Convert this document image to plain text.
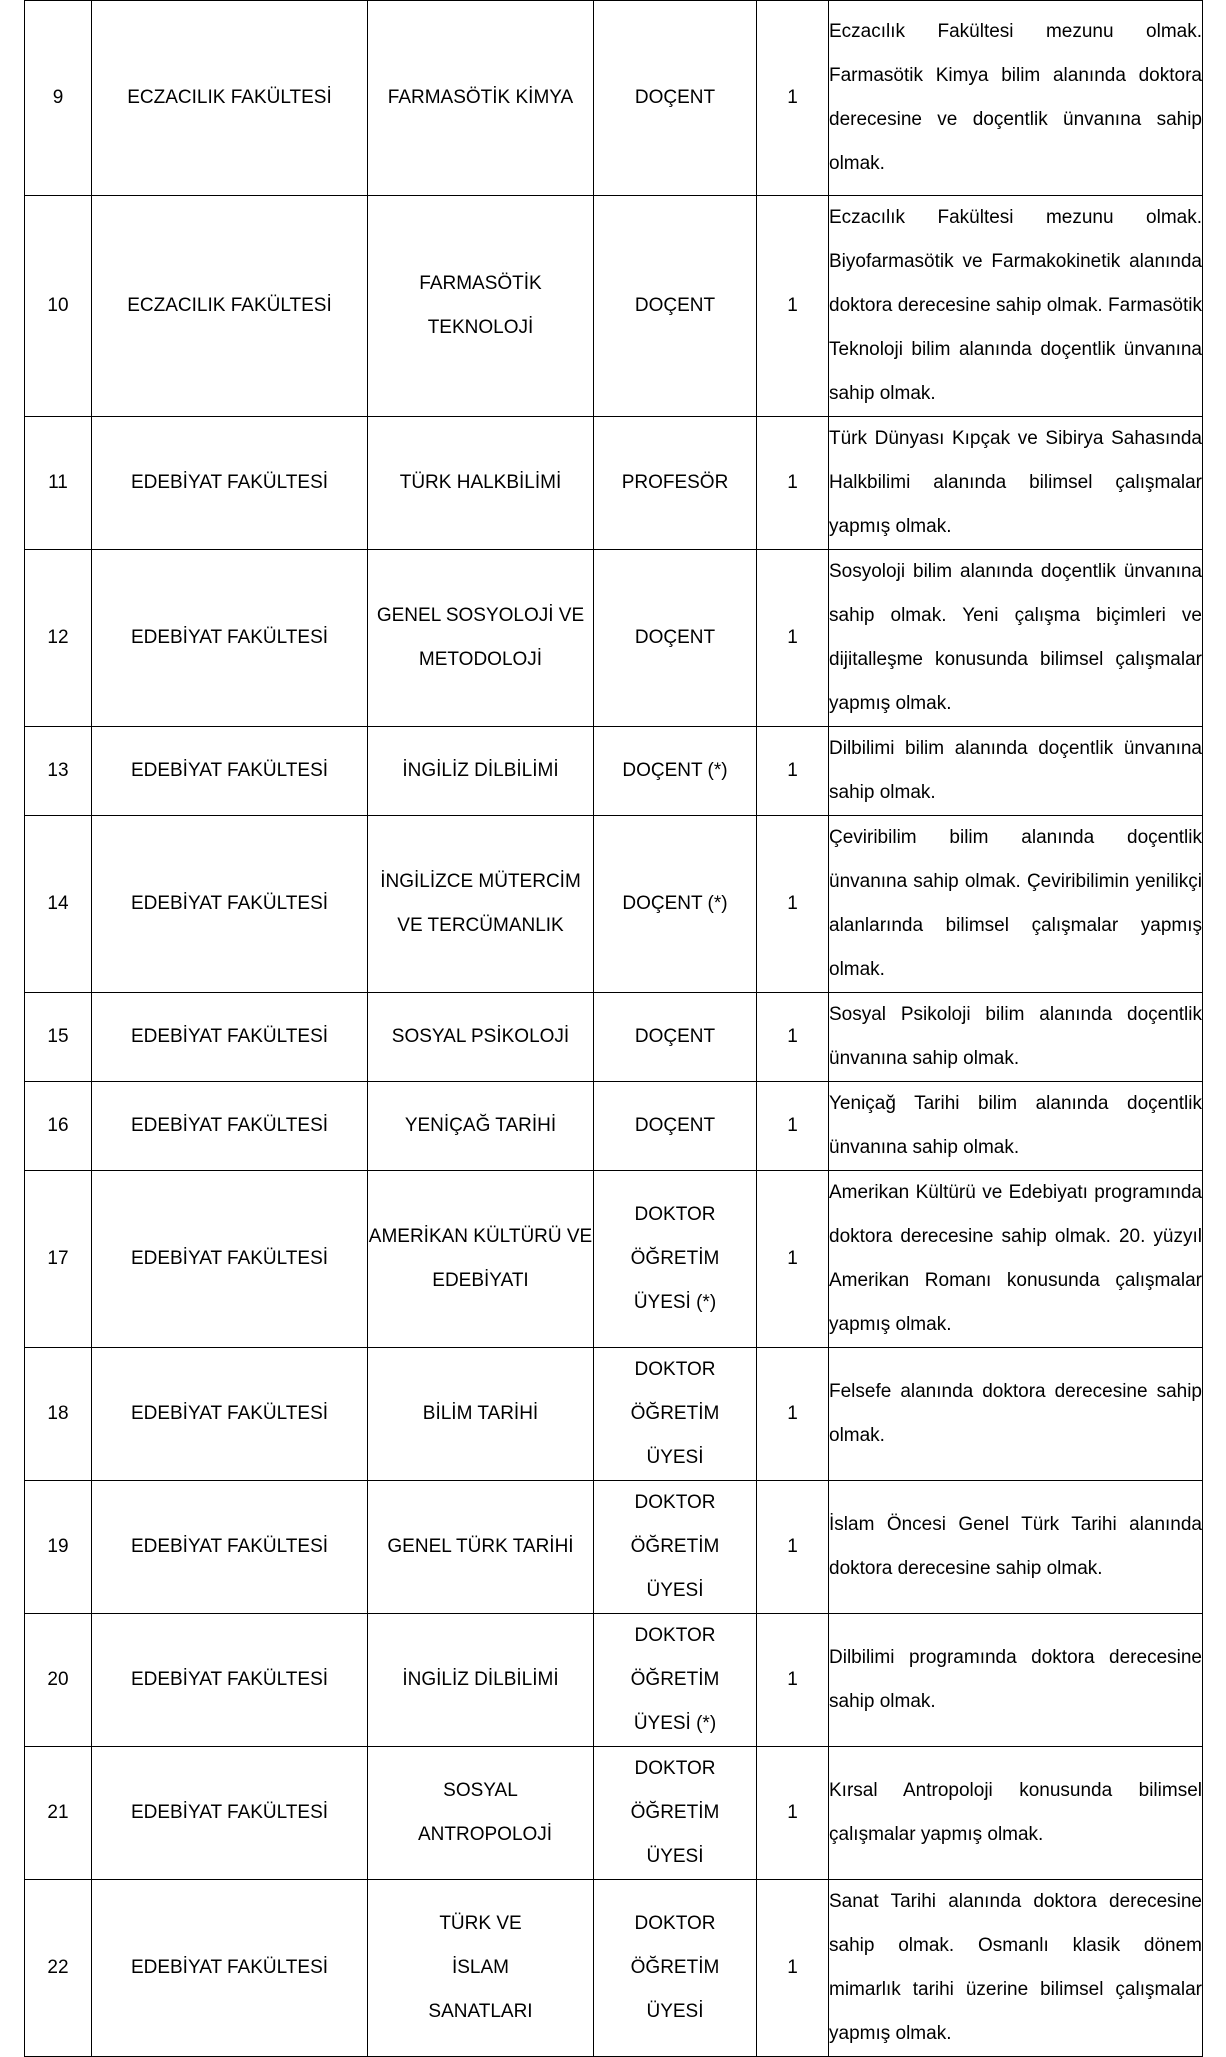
9	ECZACILIK FAKÜLTESİ	FARMASÖTİK KİMYA	DOÇENT	1	Eczacılık Fakültesi mezunu olmak. Farmasötik Kimya bilim alanında doktora derecesine ve doçentlik ünvanına sahip olmak.
10	ECZACILIK FAKÜLTESİ	FARMASÖTİK TEKNOLOJİ	DOÇENT	1	Eczacılık Fakültesi mezunu olmak. Biyofarmasötik ve Farmakokinetik alanında doktora derecesine sahip olmak. Farmasötik Teknoloji bilim alanında doçentlik ünvanına sahip olmak.
11	EDEBİYAT FAKÜLTESİ	TÜRK HALKBİLİMİ	PROFESÖR	1	Türk Dünyası Kıpçak ve Sibirya Sahasında Halkbilimi alanında bilimsel çalışmalar yapmış olmak.
12	EDEBİYAT FAKÜLTESİ	GENEL SOSYOLOJİ VE METODOLOJİ	DOÇENT	1	Sosyoloji bilim alanında doçentlik ünvanına sahip olmak. Yeni çalışma biçimleri ve dijitalleşme konusunda bilimsel çalışmalar yapmış olmak.
13	EDEBİYAT FAKÜLTESİ	İNGİLİZ DİLBİLİMİ	DOÇENT (*)	1	Dilbilimi bilim alanında doçentlik ünvanına sahip olmak.
14	EDEBİYAT FAKÜLTESİ	İNGİLİZCE MÜTERCİM VE TERCÜMANLIK	DOÇENT (*)	1	Çeviribilim bilim alanında doçentlik ünvanına sahip olmak. Çeviribilimin yenilikçi alanlarında bilimsel çalışmalar yapmış olmak.
15	EDEBİYAT FAKÜLTESİ	SOSYAL PSİKOLOJİ	DOÇENT	1	Sosyal Psikoloji bilim alanında doçentlik ünvanına sahip olmak.
16	EDEBİYAT FAKÜLTESİ	YENİÇAĞ TARİHİ	DOÇENT	1	Yeniçağ Tarihi bilim alanında doçentlik ünvanına sahip olmak.
17	EDEBİYAT FAKÜLTESİ	AMERİKAN KÜLTÜRÜ VE EDEBİYATI	DOKTOR ÖĞRETİM ÜYESİ (*)	1	Amerikan Kültürü ve Edebiyatı programında doktora derecesine sahip olmak. 20. yüzyıl Amerikan Romanı konusunda çalışmalar yapmış olmak.
18	EDEBİYAT FAKÜLTESİ	BİLİM TARİHİ	DOKTOR ÖĞRETİM ÜYESİ	1	Felsefe alanında doktora derecesine sahip olmak.
19	EDEBİYAT FAKÜLTESİ	GENEL TÜRK TARİHİ	DOKTOR ÖĞRETİM ÜYESİ	1	İslam Öncesi Genel Türk Tarihi alanında doktora derecesine sahip olmak.
20	EDEBİYAT FAKÜLTESİ	İNGİLİZ DİLBİLİMİ	DOKTOR ÖĞRETİM ÜYESİ (*)	1	Dilbilimi programında doktora derecesine sahip olmak.
21	EDEBİYAT FAKÜLTESİ	SOSYAL ANTROPOLOJİ	DOKTOR ÖĞRETİM ÜYESİ	1	Kırsal Antropoloji konusunda bilimsel çalışmalar yapmış olmak.
22	EDEBİYAT FAKÜLTESİ	TÜRK VE İSLAM SANATLARI	DOKTOR ÖĞRETİM ÜYESİ	1	Sanat Tarihi alanında doktora derecesine sahip olmak. Osmanlı klasik dönem mimarlık tarihi üzerine bilimsel çalışmalar yapmış olmak.
